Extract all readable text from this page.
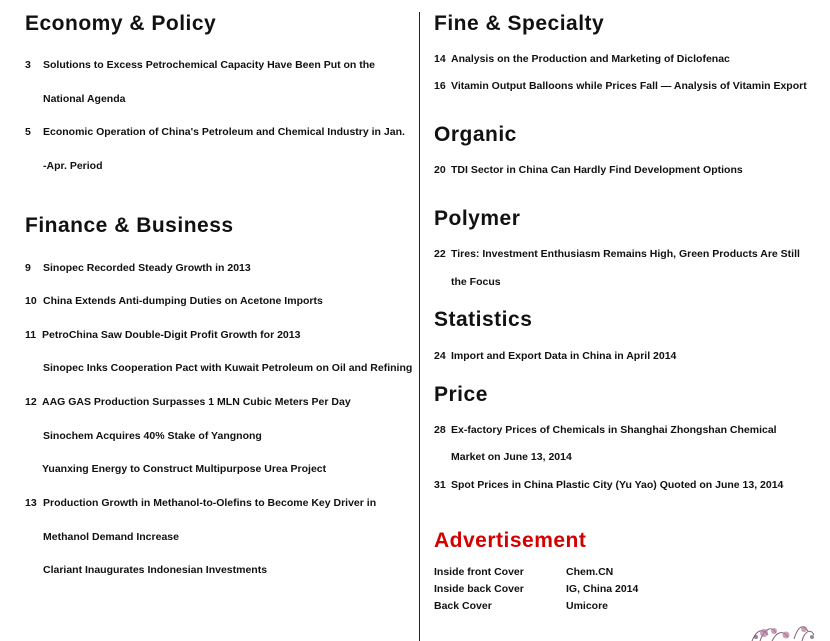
Economy & Policy
3 Solutions to Excess Petrochemical Capacity Have Been Put on the
National Agenda
5 Economic Operation of China's Petroleum and Chemical Industry in Jan.
-Apr. Period
Finance & Business
9 Sinopec Recorded Steady Growth in 2013
10 China Extends Anti-dumping Duties on Acetone Imports
11 PetroChina Saw Double-Digit Profit Growth for 2013
Sinopec Inks Cooperation Pact with Kuwait Petroleum on Oil and Refining
12 AAG GAS Production Surpasses 1 MLN Cubic Meters Per Day
Sinochem Acquires 40% Stake of Yangnong
Yuanxing Energy to Construct Multipurpose Urea Project
13 Production Growth in Methanol-to-Olefins to Become Key Driver in
Methanol Demand Increase
Clariant Inaugurates Indonesian Investments
Fine & Specialty
14 Analysis on the Production and Marketing of Diclofenac
16 Vitamin Output Balloons while Prices Fall — Analysis of Vitamin Export
Organic
20 TDI Sector in China Can Hardly Find Development Options
Polymer
22 Tires: Investment Enthusiasm Remains High, Green Products Are Still
the Focus
Statistics
24 Import and Export Data in China in April 2014
Price
28 Ex-factory Prices of Chemicals in Shanghai Zhongshan Chemical
Market on June 13, 2014
31 Spot Prices in China Plastic City (Yu Yao) Quoted on June 13, 2014
Advertisement
Inside front Cover	Chem.CN
Inside back Cover	IG, China 2014
Back Cover	Umicore
